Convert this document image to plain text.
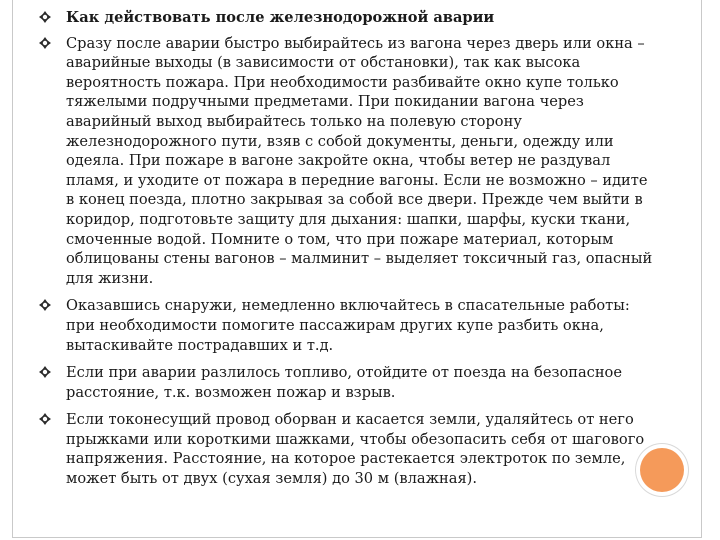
Как действовать после железнодорожной аварии
Сразу после аварии быстро выбирайтесь из вагона через дверь или окна – аварийные выходы (в зависимости от обстановки), так как высока вероятность пожара. При необходимости разбивайте окно купе только тяжелыми подручными предметами. При покидании вагона через аварийный выход выбирайтесь только на полевую сторону железнодорожного пути, взяв с собой документы, деньги, одежду или одеяла. При пожаре в вагоне закройте окна, чтобы ветер не раздувал пламя, и уходите от пожара в передние вагоны. Если не возможно – идите в конец поезда, плотно закрывая за собой все двери. Прежде чем выйти в коридор, подготовьте защиту для дыхания: шапки, шарфы, куски ткани, смоченные водой. Помните о том, что при пожаре материал, которым облицованы стены вагонов – малминит – выделяет токсичный газ, опасный для жизни.
Оказавшись снаружи, немедленно включайтесь в спасательные работы: при необходимости помогите пассажирам других купе разбить окна, вытаскивайте пострадавших и т.д.
Если при аварии разлилось топливо, отойдите от поезда на безопасное расстояние, т.к. возможен пожар и взрыв.
Если токонесущий провод оборван и касается земли, удаляйтесь от него прыжками или короткими шажками, чтобы обезопасить себя от шагового напряжения. Расстояние, на которое растекается электроток по земле, может быть от двух (сухая земля) до 30 м (влажная).
